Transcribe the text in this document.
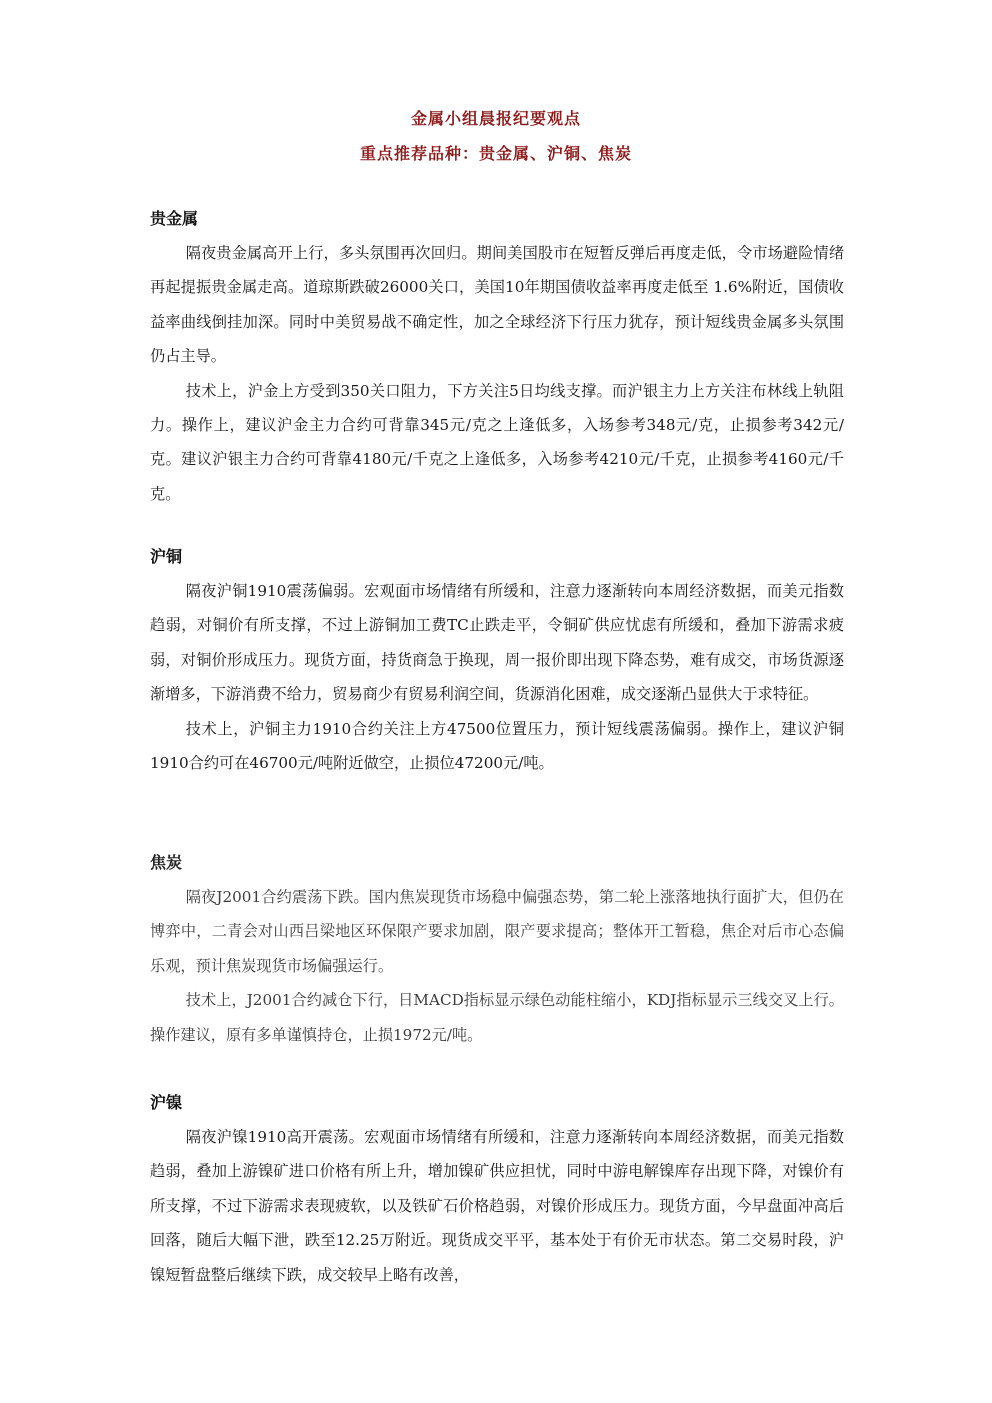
金属小组晨报纪要观点
重点推荐品种：贵金属、沪铜、焦炭
贵金属

隔夜贵金属高开上行，多头氛围再次回归。期间美国股市在短暂反弹后再度走低，令市场避险情绪再起提振贵金属走高。道琼斯跌破26000关口，美国10年期国债收益率再度走低至 1.6%附近，国债收益率曲线倒挂加深。同时中美贸易战不确定性，加之全球经济下行压力犹存，预计短线贵金属多头氛围仍占主导。

技术上，沪金上方受到350关口阻力，下方关注5日均线支撑。而沪银主力上方关注布林线上轨阻力。操作上，建议沪金主力合约可背靠345元/克之上逢低多，入场参考348元/克，止损参考342元/克。建议沪银主力合约可背靠4180元/千克之上逢低多，入场参考4210元/千克，止损参考4160元/千克。

沪铜

隔夜沪铜1910震荡偏弱。宏观面市场情绪有所缓和，注意力逐渐转向本周经济数据，而美元指数趋弱，对铜价有所支撑，不过上游铜加工费TC止跌走平，令铜矿供应忧虑有所缓和，叠加下游需求疲弱，对铜价形成压力。现货方面，持货商急于换现，周一报价即出现下降态势，难有成交，市场货源逐渐增多，下游消费不给力，贸易商少有贸易利润空间，货源消化困难，成交逐渐凸显供大于求特征。

技术上，沪铜主力1910合约关注上方47500位置压力，预计短线震荡偏弱。操作上，建议沪铜1910合约可在46700元/吨附近做空，止损位47200元/吨。

焦炭

隔夜J2001合约震荡下跌。国内焦炭现货市场稳中偏强态势，第二轮上涨落地执行面扩大，但仍在博弈中，二青会对山西吕梁地区环保限产要求加剧，限产要求提高；整体开工暂稳，焦企对后市心态偏乐观，预计焦炭现货市场偏强运行。

技术上，J2001合约减仓下行，日MACD指标显示绿色动能柱缩小，KDJ指标显示三线交叉上行。操作建议，原有多单谨慎持仓，止损1972元/吨。

沪镍

隔夜沪镍1910高开震荡。宏观面市场情绪有所缓和，注意力逐渐转向本周经济数据，而美元指数趋弱，叠加上游镍矿进口价格有所上升，增加镍矿供应担忧，同时中游电解镍库存出现下降，对镍价有所支撑，不过下游需求表现疲软，以及铁矿石价格趋弱，对镍价形成压力。现货方面，今早盘面冲高后回落，随后大幅下泄，跌至12.25万附近。现货成交平平，基本处于有价无市状态。第二交易时段，沪镍短暂盘整后继续下跌，成交较早上略有改善，
